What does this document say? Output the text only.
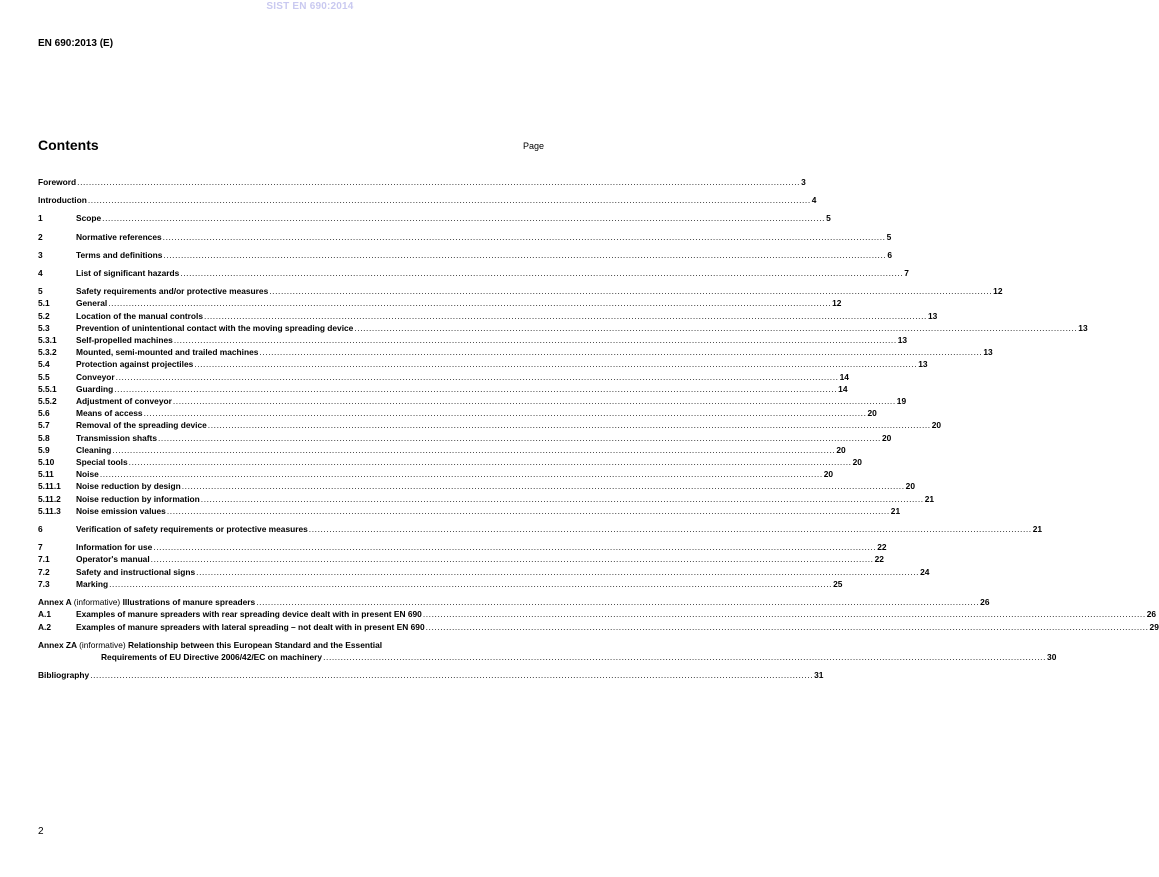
SIST EN 690:2014
EN 690:2013 (E)
Contents	Page
Foreword .....	3
Introduction .....	4
1	Scope .....	5
2	Normative references .....	5
3	Terms and definitions .....	6
4	List of significant hazards .....	7
5	Safety requirements and/or protective measures .....	12
5.1	General .....	12
5.2	Location of the manual controls .....	13
5.3	Prevention of unintentional contact with the moving spreading device .....	13
5.3.1	Self-propelled machines .....	13
5.3.2	Mounted, semi-mounted and trailed machines .....	13
5.4	Protection against projectiles .....	13
5.5	Conveyor .....	14
5.5.1	Guarding .....	14
5.5.2	Adjustment of conveyor .....	19
5.6	Means of access .....	20
5.7	Removal of the spreading device .....	20
5.8	Transmission shafts .....	20
5.9	Cleaning .....	20
5.10	Special tools .....	20
5.11	Noise .....	20
5.11.1	Noise reduction by design .....	20
5.11.2	Noise reduction by information .....	21
5.11.3	Noise emission values .....	21
6	Verification of safety requirements or protective measures .....	21
7	Information for use .....	22
7.1	Operator's manual .....	22
7.2	Safety and instructional signs .....	24
7.3	Marking .....	25
Annex A (informative) Illustrations of manure spreaders .....	26
A.1	Examples of manure spreaders with rear spreading device dealt with in present EN 690 .....	26
A.2	Examples of manure spreaders with lateral spreading – not dealt with in present EN 690 .....	29
Annex ZA (informative) Relationship between this European Standard and the Essential
Requirements of EU Directive 2006/42/EC on machinery .....	30
Bibliography .....	31
2
